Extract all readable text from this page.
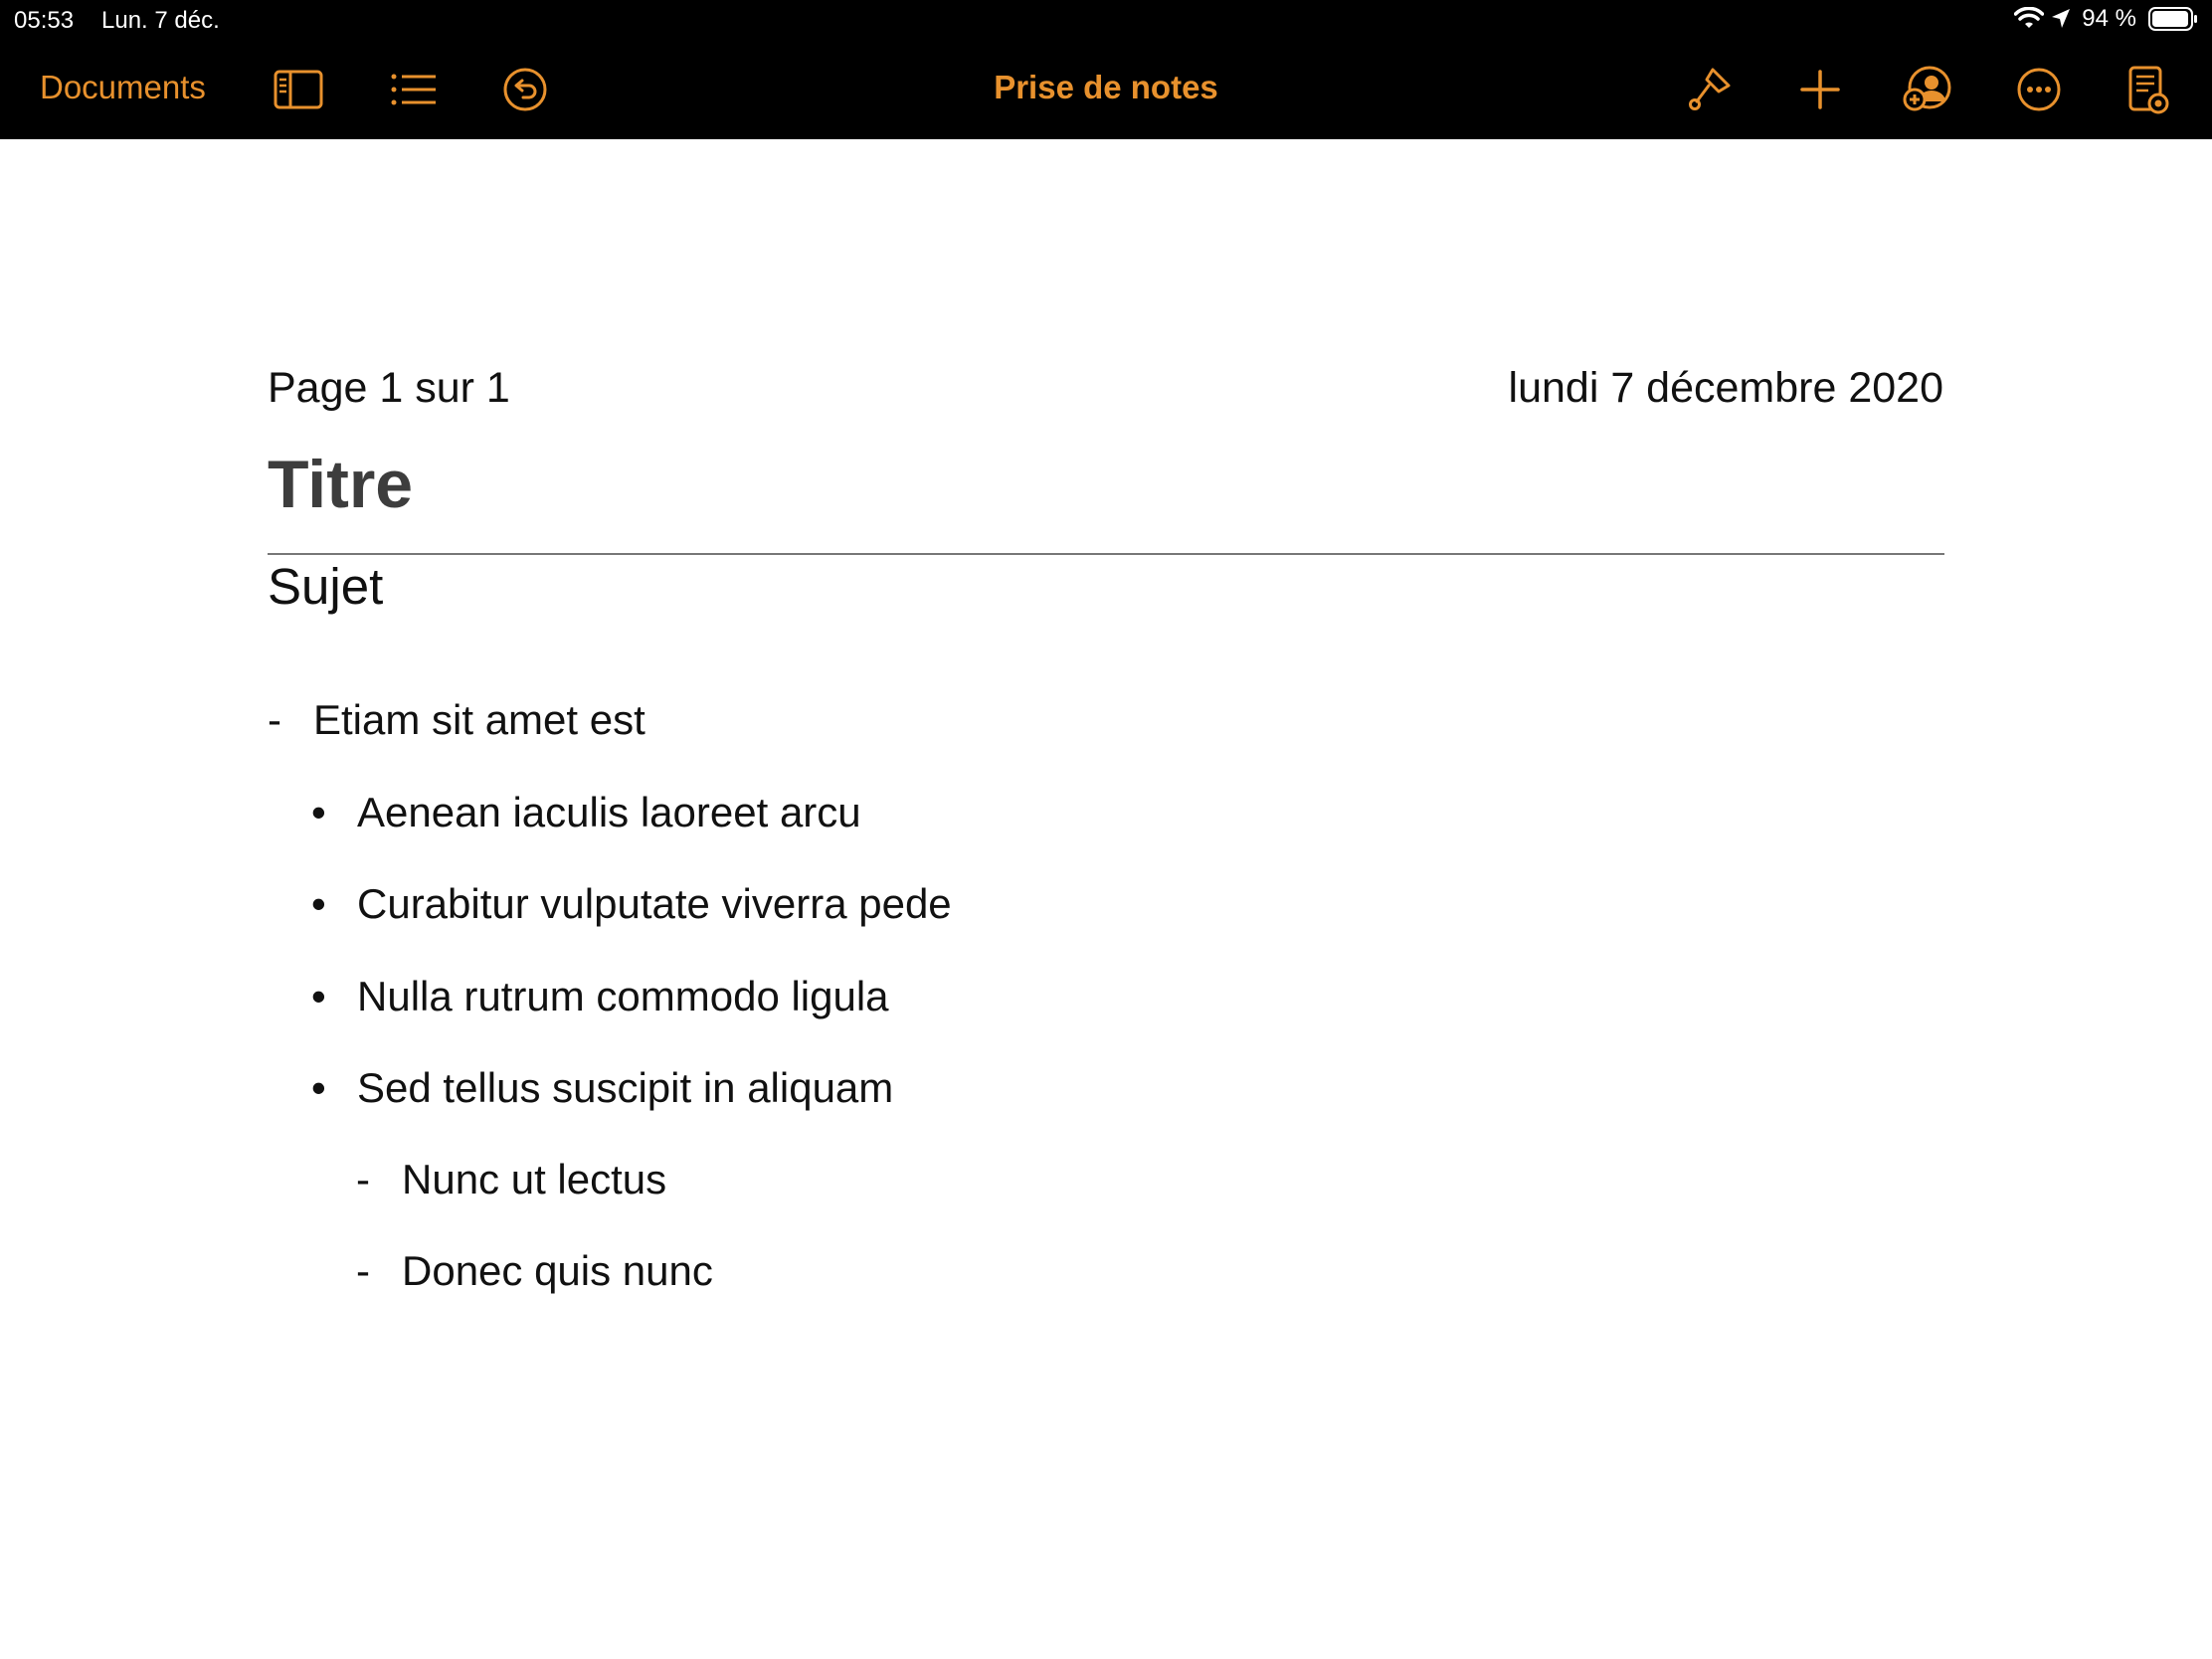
05:53 Lun. 7 déc.	94 %
Documents	Prise de notes
Page 1 sur 1	lundi 7 décembre 2020
Titre
Sujet
- Etiam sit amet est
• Aenean iaculis laoreet arcu
• Curabitur vulputate viverra pede
• Nulla rutrum commodo ligula
• Sed tellus suscipit in aliquam
- Nunc ut lectus
- Donec quis nunc
